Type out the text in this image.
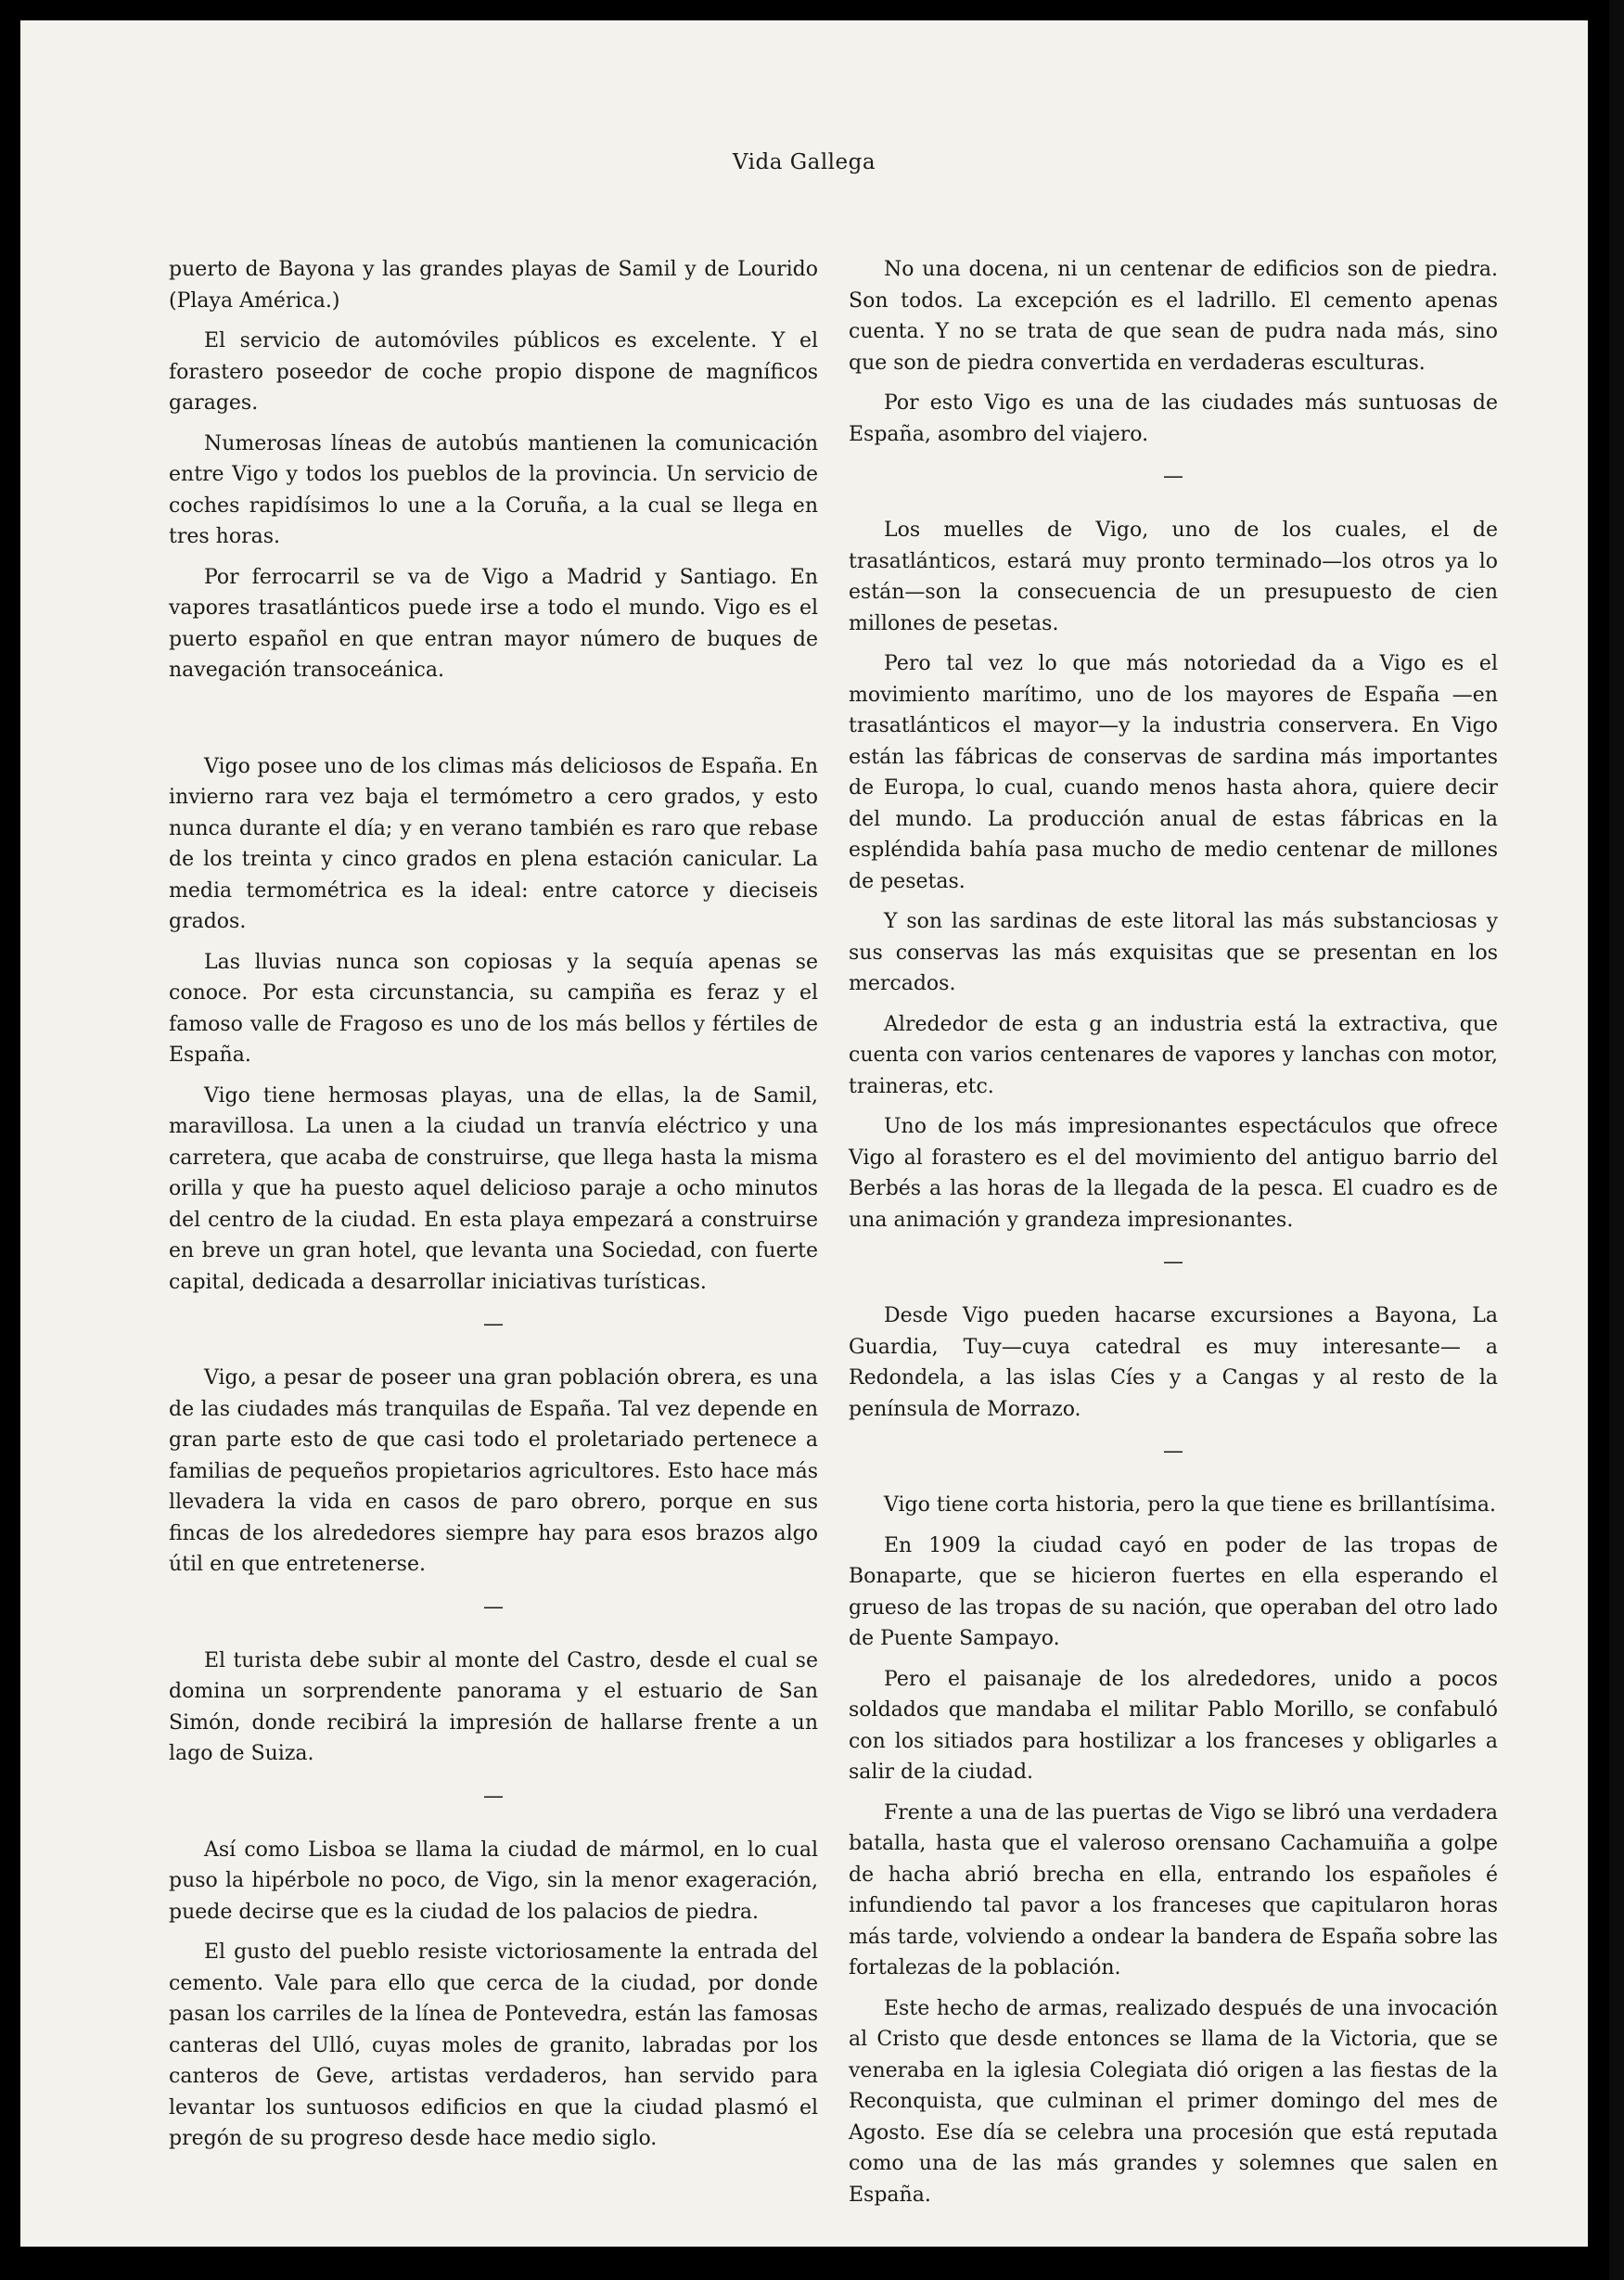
Vida Gallega

puerto de Bayona y las grandes playas de Samil y de Lourido (Playa América.)

El servicio de automóviles públicos es excelente. Y el forastero poseedor de coche propio dispone de magníficos garages.

Numerosas líneas de autobús mantienen la comunicación entre Vigo y todos los pueblos de la provincia. Un servicio de coches rapidísimos lo une a la Coruña, a la cual se llega en tres horas.

Por ferrocarril se va de Vigo a Madrid y Santiago. En vapores trasatlánticos puede irse a todo el mundo. Vigo es el puerto español en que entran mayor número de buques de navegación transoceánica.

Vigo posee uno de los climas más deliciosos de España. En invierno rara vez baja el termómetro a cero grados, y esto nunca durante el día; y en verano también es raro que rebase de los treinta y cinco grados en plena estación canicular. La media termométrica es la ideal: entre catorce y dieciseis grados.

Las lluvias nunca son copiosas y la sequía apenas se conoce. Por esta circunstancia, su campiña es feraz y el famoso valle de Fragoso es uno de los más bellos y fértiles de España.

Vigo tiene hermosas playas, una de ellas, la de Samil, maravillosa. La unen a la ciudad un tranvía eléctrico y una carretera, que acaba de construirse, que llega hasta la misma orilla y que ha puesto aquel delicioso paraje a ocho minutos del centro de la ciudad. En esta playa empezará a construirse en breve un gran hotel, que levanta una Sociedad, con fuerte capital, dedicada a desarrollar iniciativas turísticas.

—

Vigo, a pesar de poseer una gran población obrera, es una de las ciudades más tranquilas de España. Tal vez depende en gran parte esto de que casi todo el proletariado pertenece a familias de pequeños propietarios agricultores. Esto hace más llevadera la vida en casos de paro obrero, porque en sus fincas de los alrededores siempre hay para esos brazos algo útil en que entretenerse.

—

El turista debe subir al monte del Castro, desde el cual se domina un sorprendente panorama y el estuario de San Simón, donde recibirá la impresión de hallarse frente a un lago de Suiza.

—

Así como Lisboa se llama la ciudad de mármol, en lo cual puso la hipérbole no poco, de Vigo, sin la menor exageración, puede decirse que es la ciudad de los palacios de piedra.

El gusto del pueblo resiste victoriosamente la entrada del cemento. Vale para ello que cerca de la ciudad, por donde pasan los carriles de la línea de Pontevedra, están las famosas canteras del Ulló, cuyas moles de granito, labradas por los canteros de Geve, artistas verdaderos, han servido para levantar los suntuosos edificios en que la ciudad plasmó el pregón de su progreso desde hace medio siglo.

No una docena, ni un centenar de edificios son de piedra. Son todos. La excepción es el ladrillo. El cemento apenas cuenta. Y no se trata de que sean de pudra nada más, sino que son de piedra convertida en verdaderas esculturas.

Por esto Vigo es una de las ciudades más suntuosas de España, asombro del viajero.

—

Los muelles de Vigo, uno de los cuales, el de trasatlánticos, estará muy pronto terminado—los otros ya lo están—son la consecuencia de un presupuesto de cien millones de pesetas.

Pero tal vez lo que más notoriedad da a Vigo es el movimiento marítimo, uno de los mayores de España —en trasatlánticos el mayor—y la industria conservera. En Vigo están las fábricas de conservas de sardina más importantes de Europa, lo cual, cuando menos hasta ahora, quiere decir del mundo. La producción anual de estas fábricas en la espléndida bahía pasa mucho de medio centenar de millones de pesetas.

Y son las sardinas de este litoral las más substanciosas y sus conservas las más exquisitas que se presentan en los mercados.

Alrededor de esta g an industria está la extractiva, que cuenta con varios centenares de vapores y lanchas con motor, traineras, etc.

Uno de los más impresionantes espectáculos que ofrece Vigo al forastero es el del movimiento del antiguo barrio del Berbés a las horas de la llegada de la pesca. El cuadro es de una animación y grandeza impresionantes.

—

Desde Vigo pueden hacarse excursiones a Bayona, La Guardia, Tuy—cuya catedral es muy interesante— a Redondela, a las islas Cíes y a Cangas y al resto de la península de Morrazo.

—

Vigo tiene corta historia, pero la que tiene es brillantísima.

En 1909 la ciudad cayó en poder de las tropas de Bonaparte, que se hicieron fuertes en ella esperando el grueso de las tropas de su nación, que operaban del otro lado de Puente Sampayo.

Pero el paisanaje de los alrededores, unido a pocos soldados que mandaba el militar Pablo Morillo, se confabuló con los sitiados para hostilizar a los franceses y obligarles a salir de la ciudad.

Frente a una de las puertas de Vigo se libró una verdadera batalla, hasta que el valeroso orensano Cachamuiña a golpe de hacha abrió brecha en ella, entrando los españoles é infundiendo tal pavor a los franceses que capitularon horas más tarde, volviendo a ondear la bandera de España sobre las fortalezas de la población.

Este hecho de armas, realizado después de una invocación al Cristo que desde entonces se llama de la Victoria, que se veneraba en la iglesia Colegiata dió origen a las fiestas de la Reconquista, que culminan el primer domingo del mes de Agosto. Ese día se celebra una procesión que está reputada como una de las más grandes y solemnes que salen en España.
